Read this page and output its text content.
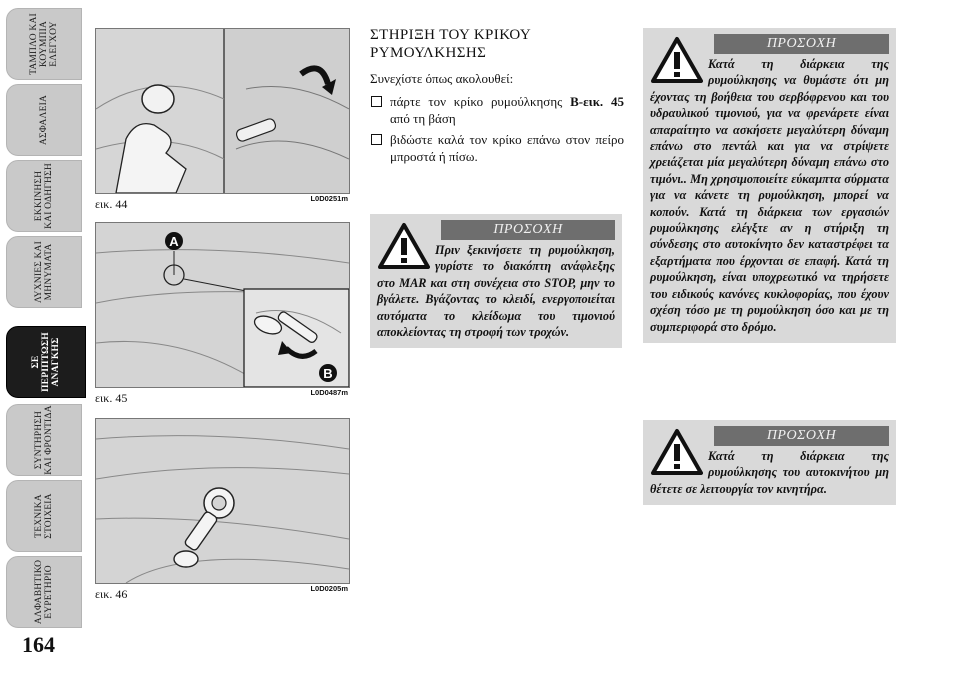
ΤΑΜΠΛΟ ΚΑΙ ΚΟΥΜΠΙΑ ΕΛΕΓΧΟΥ
ΑΣΦΑΛΕΙΑ
ΕΚΚΙΝΗΣΗ ΚΑΙ ΟΔΗΓΗΣΗ
ΛΥΧΝΙΕΣ ΚΑΙ ΜΗΝΥΜΑΤΑ
ΣΕ ΠΕΡΙΠΤΩΣΗ ΑΝΑΓΚΗΣ
ΣΥΝΤΗΡΗΣΗ ΚΑΙ ΦΡΟΝΤΙΔΑ
ΤΕΧΝΙΚΑ ΣΤΟΙΧΕΙΑ
ΑΛΦΑΒΗΤΙΚΟ ΕΥΡΕΤΗΡΙΟ
164
εικ. 44	L0D0251m
A
B
εικ. 45	L0D0487m
εικ. 46	L0D0205m
ΣΤΗΡΙΞΗ ΤΟΥ ΚΡΙΚΟΥ
ΡΥΜΟΥΛΚΗΣΗΣ

Συνεχίστε όπως ακολουθεί:

πάρτε τον κρίκο ρυμούλκησης B-εικ. 45 από τη βάση
βιδώστε καλά τον κρίκο επάνω στον πείρο μπροστά ή πίσω.
ΠΡΟΣΟΧΗ
Πριν ξεκινήσετε τη ρυμούλκηση, γυρίστε το διακόπτη ανάφλεξης στο MAR και στη συνέχεια στο STOP, μην το βγάλετε. Βγάζοντας το κλειδί, ενεργοποιείται αυτόματα το κλείδωμα του τιμονιού αποκλείοντας τη στροφή των τροχών.
ΠΡΟΣΟΧΗ
Κατά τη διάρκεια της ρυμούλκησης να θυμάστε ότι μη έχοντας τη βοήθεια του σερβόφρενου και του υδραυλικού τιμονιού, για να φρενάρετε είναι απαραίτητο να ασκήσετε μεγαλύτερη δύναμη επάνω στο πεντάλ και για να στρίψετε χρειάζεται μία μεγαλύτερη δύναμη επάνω στο τιμόνι.. Μη χρησιμοποιείτε εύκαμπτα σύρματα για να κάνετε τη ρυμούλκηση, μπορεί να κοπούν. Κατά τη διάρκεια των εργασιών ρυμούλκησης ελέγξτε αν η στήριξη τη σύνδεσης στο αυτοκίνητο δεν καταστρέφει τα εξαρτήματα που έρχονται σε επαφή. Κατά τη ρυμούλκηση, είναι υποχρεωτικό να τηρήσετε του ειδικούς κανόνες κυκλοφορίας, που έχουν σχέση τόσο με τη ρυμούλκηση όσο και με τη συμπεριφορά στο δρόμο.
ΠΡΟΣΟΧΗ
Κατά τη διάρκεια της ρυμούλκησης του αυτοκινήτου μη θέτετε σε λειτουργία τον κινητήρα.
